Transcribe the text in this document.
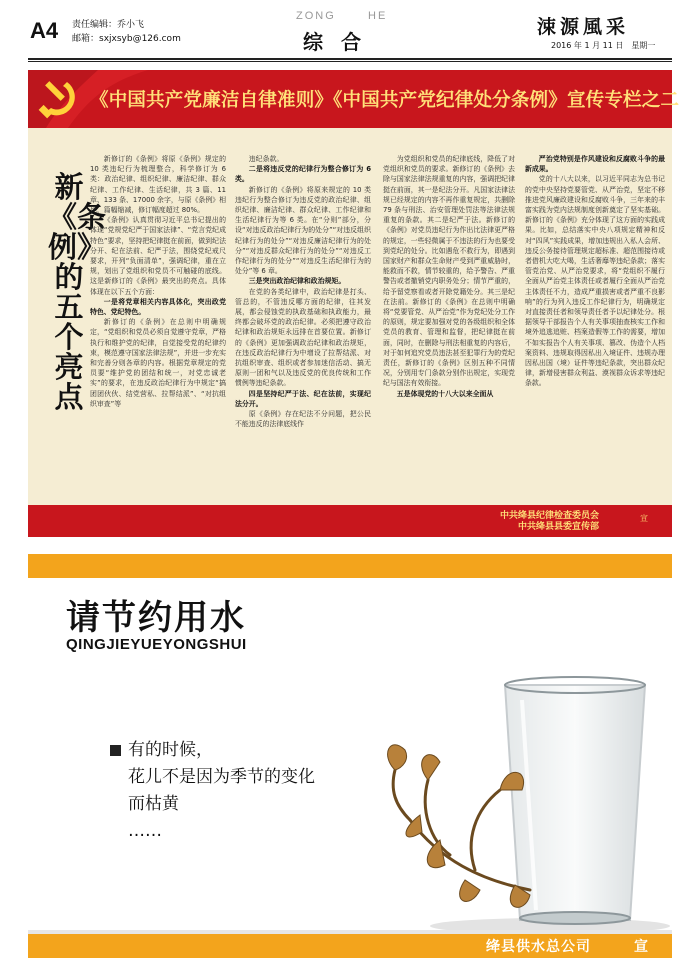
A4 责任编辑：乔小飞
邮箱：sxjxsyb@126.com
ZONG	HE
综合
涑源風采
2016 年 1 月 11 日　星期一
《中国共产党廉洁自律准则》《中国共产党纪律处分条例》宣传专栏之二
新《条例》的五个亮点

新修订的《条例》将原《条例》规定的 10 类违纪行为梳理整合，科学修订为 6 类：政治纪律、组织纪律、廉洁纪律、群众纪律、工作纪律、生活纪律，共 3 篇、11 章、133 条、17000 余字，与原《条例》相比，篇幅缩减，修订幅度超过 80%。

《条例》认真贯彻习近平总书记提出的体现“党规党纪严于国家法律”、“党言党纪成特色”要求，坚持把纪律挺在前面，做到纪法分开、纪在法前、纪严于法，围绕党纪戒尺要求，开列“负面清单”，强调纪律，重在立规，划出了党组织和党员不可触碰的底线。这是新修订的《条例》最突出的亮点。具体体现在以下五个方面：

一是将党章相关内容具体化，突出政党特色、党纪特色。

新修订的《条例》在总则中明确规定，“党组织和党员必须自觉遵守党章，严格执行和维护党的纪律，自觉接受党的纪律约束，模范遵守国家法律法规”，并进一步充实和完善分则各章的内容。根据党章规定的党员要“维护党的团结和统一，对党忠诚老实”的要求，在违反政治纪律行为中规定“搞团团伙伙、结党营私、拉帮结派”、“对抗组织审查”等

违纪条款。

二是将违反党的纪律行为整合修订为 6 类。

新修订的《条例》将原来规定的 10 类违纪行为整合修订为违反党的政治纪律、组织纪律、廉洁纪律、群众纪律、工作纪律和生活纪律行为等 6 类。在“分则”部分，分设“对违反政治纪律行为的处分”“对违反组织纪律行为的处分”“对违反廉洁纪律行为的处分”“对违反群众纪律行为的处分”“对违反工作纪律行为的处分”“对违反生活纪律行为的处分”等 6 章。

三是突出政治纪律和政治规矩。

在党的各类纪律中，政治纪律是打头、管总的，不管违反哪方面的纪律，往其发展，都会侵蚀党的执政基础和执政能力，最终都会破坏党的政治纪律。必须把遵守政治纪律和政治规矩永远排在首要位置。新修订的《条例》更加强调政治纪律和政治规矩，在违反政治纪律行为中增设了拉帮结派、对抗组织审查、组织或者参加迷信活动、搞无原则一团和气以及违反党的优良传统和工作惯例等违纪条款。

四是坚持纪严于法、纪在法前，实现纪法分开。

原《条例》存在纪法不分问题，把公民不能违反的法律底线作

为党组织和党员的纪律底线，降低了对党组织和党员的要求。新修订的《条例》去除与国家法律法规重复的内容，强调把纪律挺在前面，其一是纪法分开。凡国家法律法规已经规定的内容不再作重复规定，共删除 79 条与刑法、治安管理处罚法等法律法规重复的条款。其二是纪严于法。新修订的《条例》对党员违纪行为作出比法律更严格的规定，一些轻微属于不违法的行为也要受到党纪的处分。比如遇危不救行为，即遇到国家财产和群众生命财产受到严重威胁时，能救而不救，情节较重的，给予警告、严重警告或者撤销党内职务处分；情节严重的，给予留党察看或者开除党籍处分。其三是纪在法前。新修订的《条例》在总则中明确将“党要管党、从严治党”作为党纪处分工作的原则，规定要加强对党的各级组织和全体党员的教育、管理和监督，把纪律挺在前面，同时，在删除与刑法相重复的内容后，对于如何追究党员违法甚至犯罪行为的党纪责任，新修订的《条例》区别五种不同情况，分别用专门条款分别作出规定，实现党纪与国法有效衔接。

五是体现党的十八大以来全面从

严治党特别是作风建设和反腐败斗争的最新成果。

党的十八大以来，以习近平同志为总书记的党中央坚持党要管党、从严治党，坚定不移推进党风廉政建设和反腐败斗争，三年来的丰富实践为党内法规制度创新奠定了坚实基础。新修订的《条例》充分体现了这方面的实践成果。比如，总结落实中央八项规定精神和反对“四风”实践成果，增加违规出入私人会所、违反公务接待管理规定超标准、超范围接待或者借机大吃大喝，生活奢靡等违纪条款；落实管党治党、从严治党要求，将“党组织不履行全面从严治党主体责任或者履行全面从严治党主体责任不力，造成严重损害或者严重不良影响”的行为列入违反工作纪律行为，明确规定对直接责任者和领导责任者予以纪律处分。根据领导干部报告个人有关事项抽查核实工作和境外追逃追赃、档案造假等工作的需要，增加不如实报告个人有关事项、篡改、伪造个人档案资料、违规取得因私出入境证件、违规办理因私出国（境）证件等违纪条款，突出群众纪律，新增侵害群众利益、漠视群众诉求等违纪条款。

中共绛县纪律检查委员会
中共绛县县委宣传部
宣
请节约用水
QINGJIEYUEYONGSHUI
有的时候，
花儿不是因为季节的变化
而枯黄
……
绛县供水总公司	宣
